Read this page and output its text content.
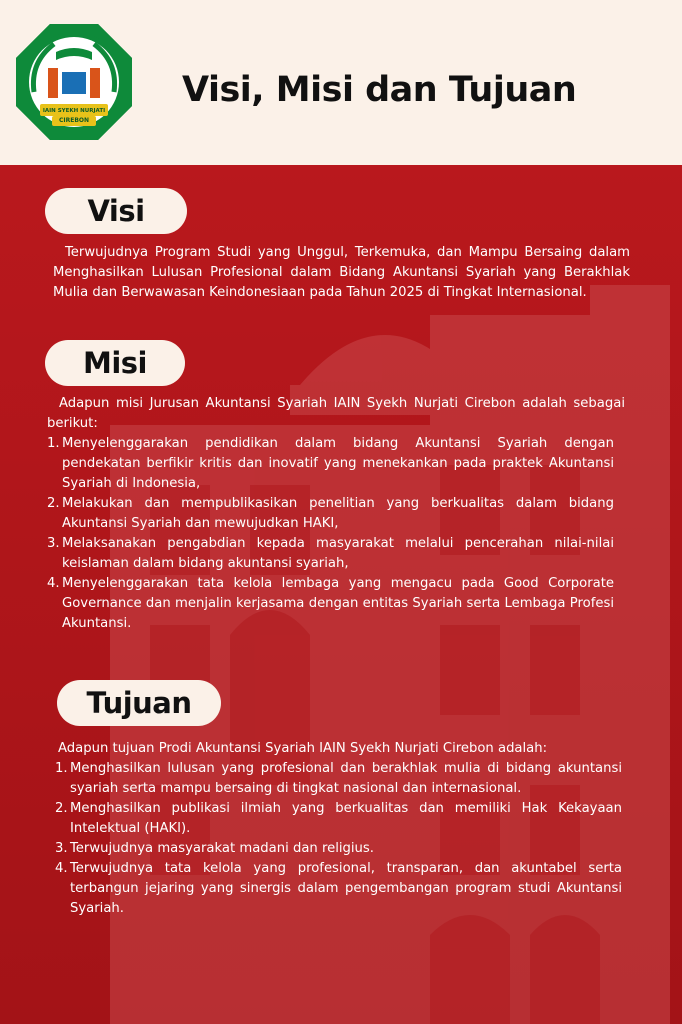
IAIN SYEKH NURJATI
CIREBON
Visi, Misi dan Tujuan
Visi
Terwujudnya Program Studi yang Unggul, Terkemuka, dan Mampu Bersaing dalam Menghasilkan Lulusan Profesional dalam Bidang Akuntansi Syariah yang Berakhlak Mulia dan Berwawasan Keindonesiaan pada Tahun 2025 di Tingkat Internasional.
Misi
Adapun misi Jurusan Akuntansi Syariah IAIN Syekh Nurjati Cirebon adalah sebagai berikut:
1. Menyelenggarakan pendidikan dalam bidang Akuntansi Syariah dengan pendekatan berfikir kritis dan inovatif yang menekankan pada praktek Akuntansi Syariah di Indonesia,
2. Melakukan dan mempublikasikan penelitian yang berkualitas dalam bidang Akuntansi Syariah dan mewujudkan HAKI,
3. Melaksanakan pengabdian kepada masyarakat melalui pencerahan nilai-nilai keislaman dalam bidang akuntansi syariah,
4. Menyelenggarakan tata kelola lembaga yang mengacu pada Good Corporate Governance dan menjalin kerjasama dengan entitas Syariah serta Lembaga Profesi Akuntansi.
Tujuan
Adapun tujuan Prodi Akuntansi Syariah IAIN Syekh Nurjati Cirebon adalah:
1. Menghasilkan lulusan yang profesional dan berakhlak mulia di bidang akuntansi syariah serta mampu bersaing di tingkat nasional dan internasional.
2. Menghasilkan publikasi ilmiah yang berkualitas dan memiliki Hak Kekayaan Intelektual (HAKI).
3. Terwujudnya masyarakat madani dan religius.
4. Terwujudnya tata kelola yang profesional, transparan, dan akuntabel serta terbangun jejaring yang sinergis dalam pengembangan program studi Akuntansi Syariah.
